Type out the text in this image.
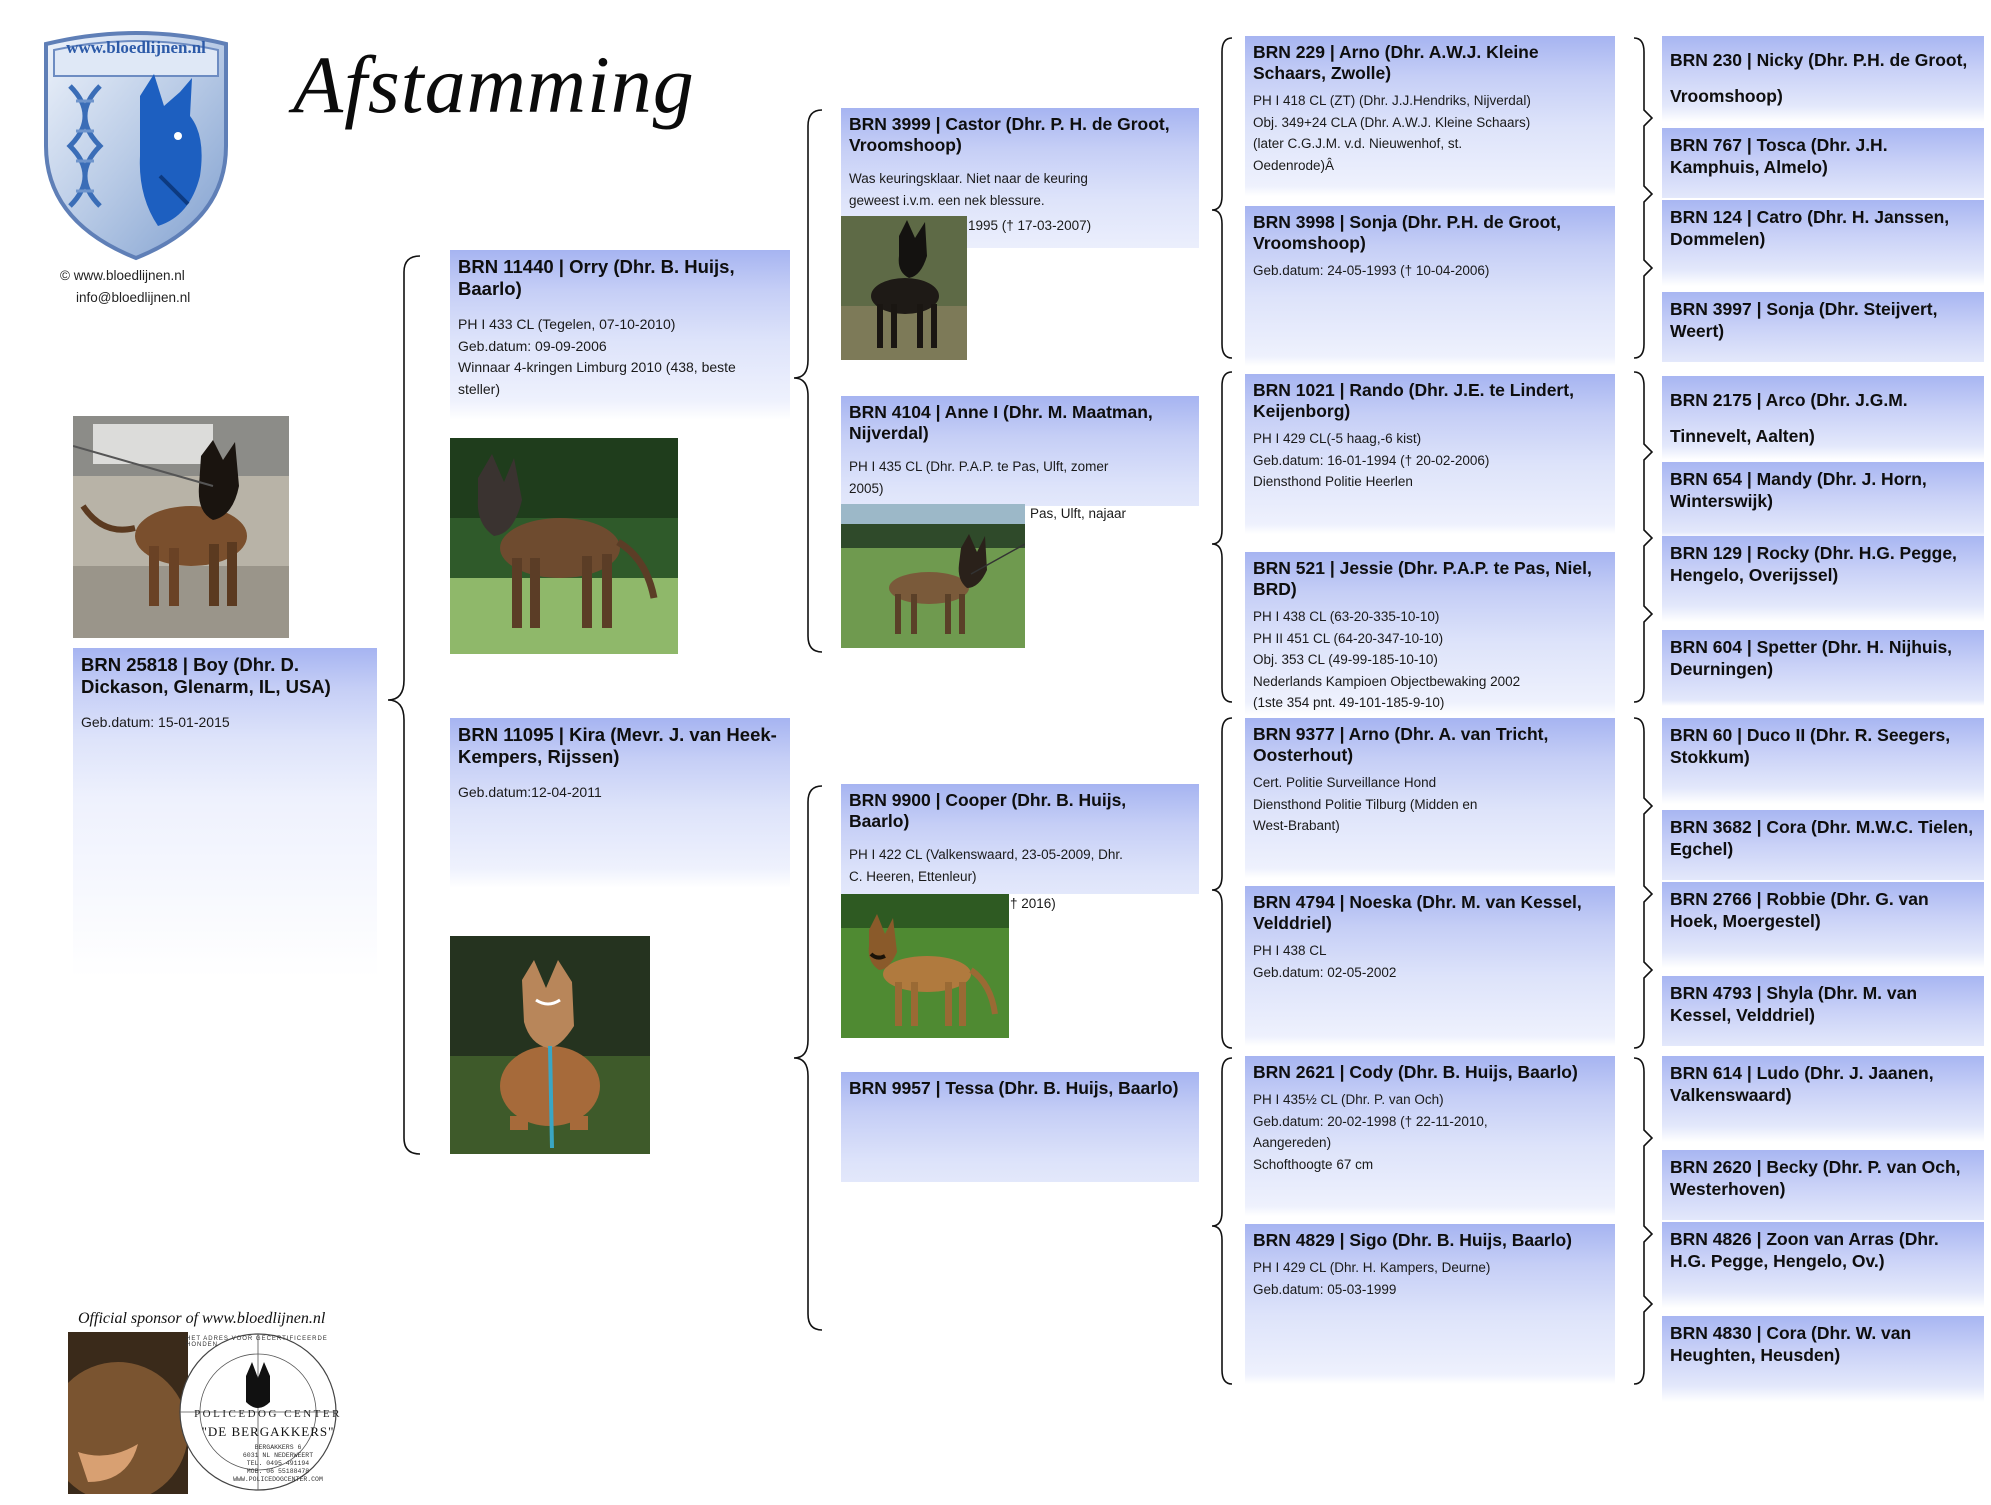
www.bloedlijnen.nl	Afstamming
© www.bloedlijnen.nl
info@bloedlijnen.nl
BRN 25818 | Boy (Dhr. D. Dickason, Glenarm, IL, USA)
Geb.datum: 15-01-2015
BRN 11440 | Orry (Dhr. B. Huijs, Baarlo)
PH I 433 CL (Tegelen, 07-10-2010)
Geb.datum: 09-09-2006
Winnaar 4-kringen Limburg 2010 (438, beste
steller)
BRN 11095 | Kira (Mevr. J. van Heek-Kempers, Rijssen)
Geb.datum:12-04-2011
BRN 3999 | Castor (Dhr. P. H. de Groot, Vroomshoop)
Was keuringsklaar. Niet naar de keuring
geweest i.v.m. een nek blessure.
1995 († 17-03-2007)
BRN 4104 | Anne I (Dhr. M. Maatman, Nijverdal)
PH I 435 CL (Dhr. P.A.P. te Pas, Ulft, zomer
2005)
Pas, Ulft, najaar
BRN 9900 | Cooper (Dhr. B. Huijs, Baarlo)
PH I 422 CL (Valkenswaard, 23-05-2009, Dhr.
C. Heeren, Ettenleur)
† 2016)
BRN 9957 | Tessa (Dhr. B. Huijs, Baarlo)
BRN 229 | Arno (Dhr. A.W.J. Kleine Schaars, Zwolle)
PH I 418 CL (ZT) (Dhr. J.J.Hendriks, Nijverdal)
Obj. 349+24 CLA (Dhr. A.W.J. Kleine Schaars)
(later C.G.J.M. v.d. Nieuwenhof, st.
Oedenrode)Â
BRN 3998 | Sonja (Dhr. P.H. de Groot, Vroomshoop)
Geb.datum: 24-05-1993 († 10-04-2006)
BRN 1021 | Rando (Dhr. J.E. te Lindert, Keijenborg)
PH I 429 CL(-5 haag,-6 kist)
Geb.datum: 16-01-1994 († 20-02-2006)
Diensthond Politie Heerlen
BRN 521 | Jessie (Dhr. P.A.P. te Pas, Niel, BRD)
PH I 438 CL (63-20-335-10-10)
PH II 451 CL (64-20-347-10-10)
Obj. 353 CL (49-99-185-10-10)
Nederlands Kampioen Objectbewaking 2002
(1ste 354 pnt. 49-101-185-9-10)
BRN 9377 | Arno (Dhr. A. van Tricht, Oosterhout)
Cert. Politie Surveillance Hond
Diensthond Politie Tilburg (Midden en
West-Brabant)
BRN 4794 | Noeska (Dhr. M. van Kessel, Velddriel)
PH I 438 CL
Geb.datum: 02-05-2002
BRN 2621 | Cody (Dhr. B. Huijs, Baarlo)
PH I 435½ CL (Dhr. P. van Och)
Geb.datum: 20-02-1998 († 22-11-2010,
Aangereden)
Schofthoogte 67 cm
BRN 4829 | Sigo (Dhr. B. Huijs, Baarlo)
PH I 429 CL (Dhr. H. Kampers, Deurne)
Geb.datum: 05-03-1999
BRN 230 | Nicky (Dhr. P.H. de Groot, Vroomshoop)
BRN 767 | Tosca (Dhr. J.H. Kamphuis, Almelo)
BRN 124 | Catro (Dhr. H. Janssen, Dommelen)
BRN 3997 | Sonja (Dhr. Steijvert, Weert)
BRN 2175 | Arco (Dhr. J.G.M. Tinnevelt, Aalten)
BRN 654 | Mandy (Dhr. J. Horn, Winterswijk)
BRN 129 | Rocky (Dhr. H.G. Pegge, Hengelo, Overijssel)
BRN 604 | Spetter (Dhr. H. Nijhuis, Deurningen)
BRN 60 | Duco II (Dhr. R. Seegers, Stokkum)
BRN 3682 | Cora (Dhr. M.W.C. Tielen, Egchel)
BRN 2766 | Robbie (Dhr. G. van Hoek, Moergestel)
BRN 4793 | Shyla (Dhr. M. van Kessel, Velddriel)
BRN 614 | Ludo (Dhr. J. Jaanen, Valkenswaard)
BRN 2620 | Becky (Dhr. P. van Och, Westerhoven)
BRN 4826 | Zoon van Arras (Dhr. H.G. Pegge, Hengelo, Ov.)
BRN 4830 | Cora (Dhr. W. van Heughten, Heusden)
Official sponsor of www.bloedlijnen.nl
HET ADRES VOOR GECERTIFICEERDE HONDEN
POLICEDOG CENTER
"DE BERGAKKERS"
BERGAKKERS 6
6031 NL NEDERWEERT
TEL. 0495 491194
MOB. 06 55188478
WWW.POLICEDOGCENTER.COM
